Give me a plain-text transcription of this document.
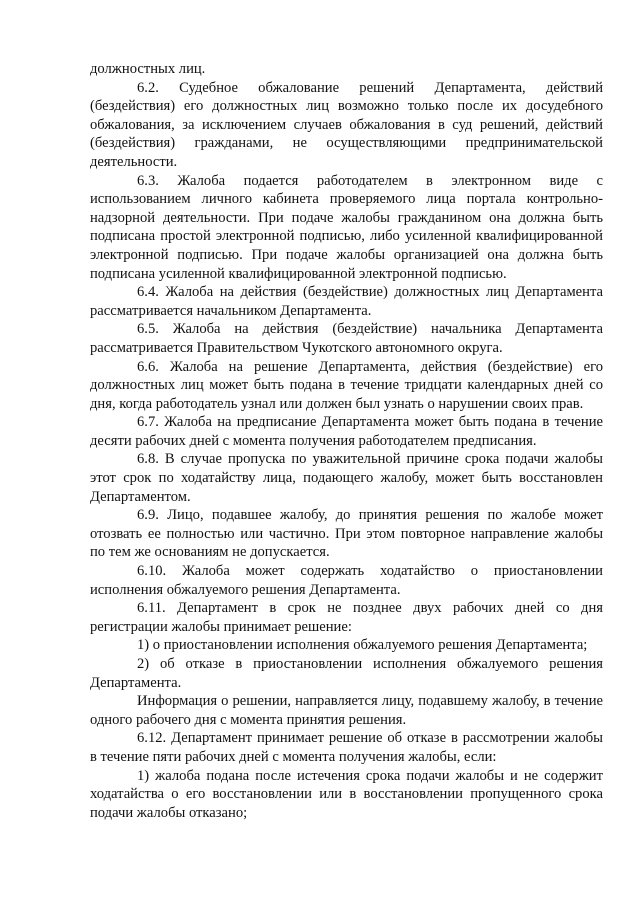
должностных лиц.

6.2. Судебное обжалование решений Департамента, действий (бездействия) его должностных лиц возможно только после их досудебного обжалования, за исключением случаев обжалования в суд решений, действий (бездействия) гражданами, не осуществляющими предпринимательской деятельности.

6.3. Жалоба подается работодателем в электронном виде с использованием личного кабинета проверяемого лица портала контрольно-надзорной деятельности. При подаче жалобы гражданином она должна быть подписана простой электронной подписью, либо усиленной квалифицированной электронной подписью. При подаче жалобы организацией она должна быть подписана усиленной квалифицированной электронной подписью.

6.4. Жалоба на действия (бездействие) должностных лиц Департамента рассматривается начальником Департамента.

6.5. Жалоба на действия (бездействие) начальника Департамента рассматривается Правительством Чукотского автономного округа.

6.6. Жалоба на решение Департамента, действия (бездействие) его должностных лиц может быть подана в течение тридцати календарных дней со дня, когда работодатель узнал или должен был узнать о нарушении своих прав.

6.7. Жалоба на предписание Департамента может быть подана в течение десяти рабочих дней с момента получения работодателем предписания.

6.8. В случае пропуска по уважительной причине срока подачи жалобы этот срок по ходатайству лица, подающего жалобу, может быть восстановлен Департаментом.

6.9. Лицо, подавшее жалобу, до принятия решения по жалобе может отозвать ее полностью или частично. При этом повторное направление жалобы по тем же основаниям не допускается.

6.10. Жалоба может содержать ходатайство о приостановлении исполнения обжалуемого решения Департамента.

6.11. Департамент в срок не позднее двух рабочих дней со дня регистрации жалобы принимает решение:

1) о приостановлении исполнения обжалуемого решения Департамента;

2) об отказе в приостановлении исполнения обжалуемого решения Департамента.

Информация о решении, направляется лицу, подавшему жалобу, в течение одного рабочего дня с момента принятия решения.

6.12. Департамент принимает решение об отказе в рассмотрении жалобы в течение пяти рабочих дней с момента получения жалобы, если:

1) жалоба подана после истечения срока подачи жалобы и не содержит ходатайства о его восстановлении или в восстановлении пропущенного срока подачи жалобы отказано;
